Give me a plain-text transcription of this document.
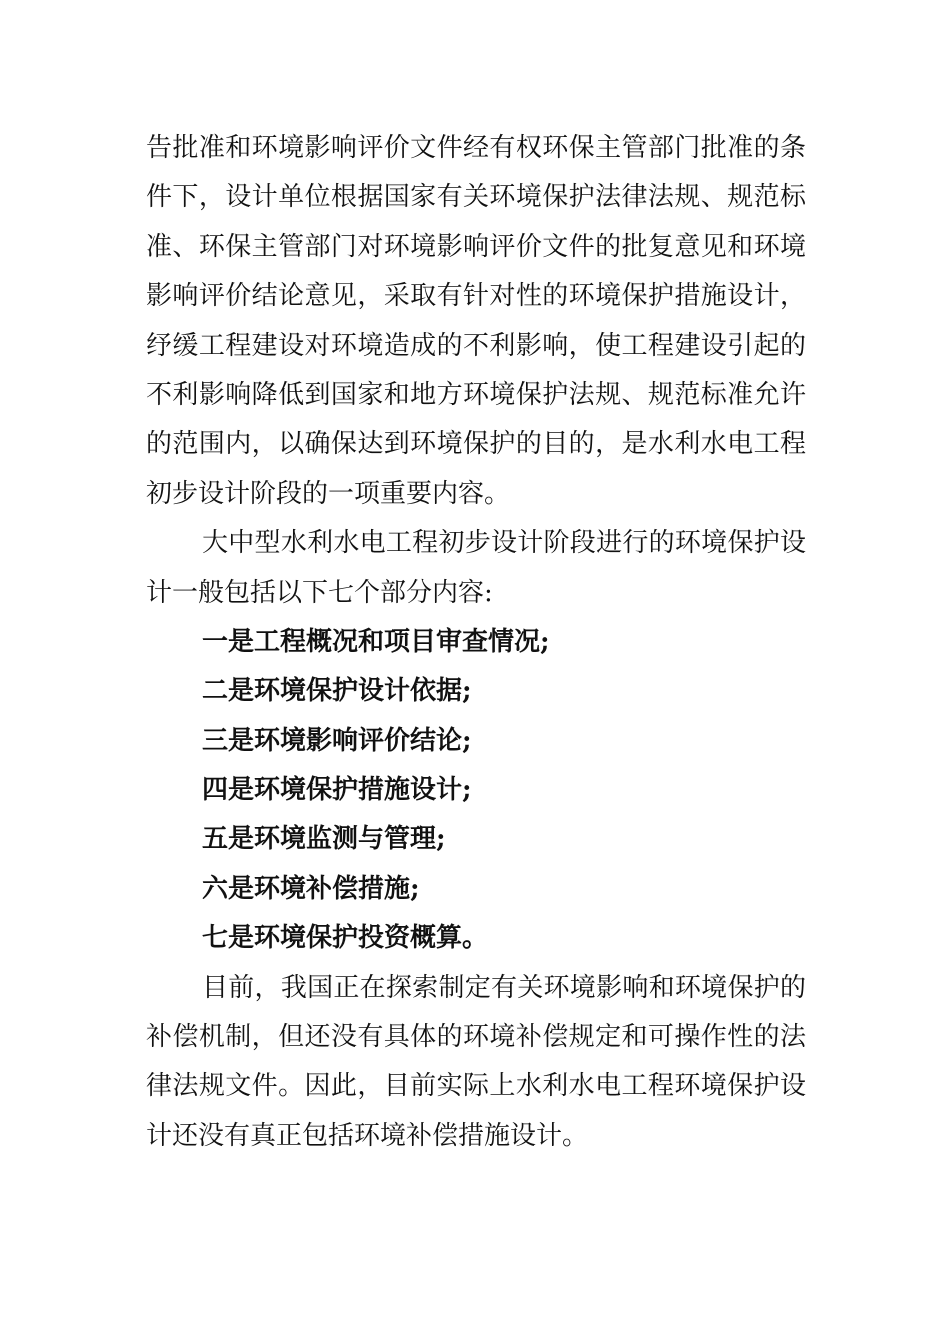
告批准和环境影响评价文件经有权环保主管部门批准的条
件下，设计单位根据国家有关环境保护法律法规、规范标
准、环保主管部门对环境影响评价文件的批复意见和环境
影响评价结论意见，采取有针对性的环境保护措施设计，
纾缓工程建设对环境造成的不利影响，使工程建设引起的
不利影响降低到国家和地方环境保护法规、规范标准允许
的范围内，以确保达到环境保护的目的，是水利水电工程
初步设计阶段的一项重要内容。
大中型水利水电工程初步设计阶段进行的环境保护设
计一般包括以下七个部分内容:
一是工程概况和项目审查情况;
二是环境保护设计依据;
三是环境影响评价结论;
四是环境保护措施设计;
五是环境监测与管理;
六是环境补偿措施;
七是环境保护投资概算。
目前，我国正在探索制定有关环境影响和环境保护的
补偿机制，但还没有具体的环境补偿规定和可操作性的法
律法规文件。因此，目前实际上水利水电工程环境保护设
计还没有真正包括环境补偿措施设计。
